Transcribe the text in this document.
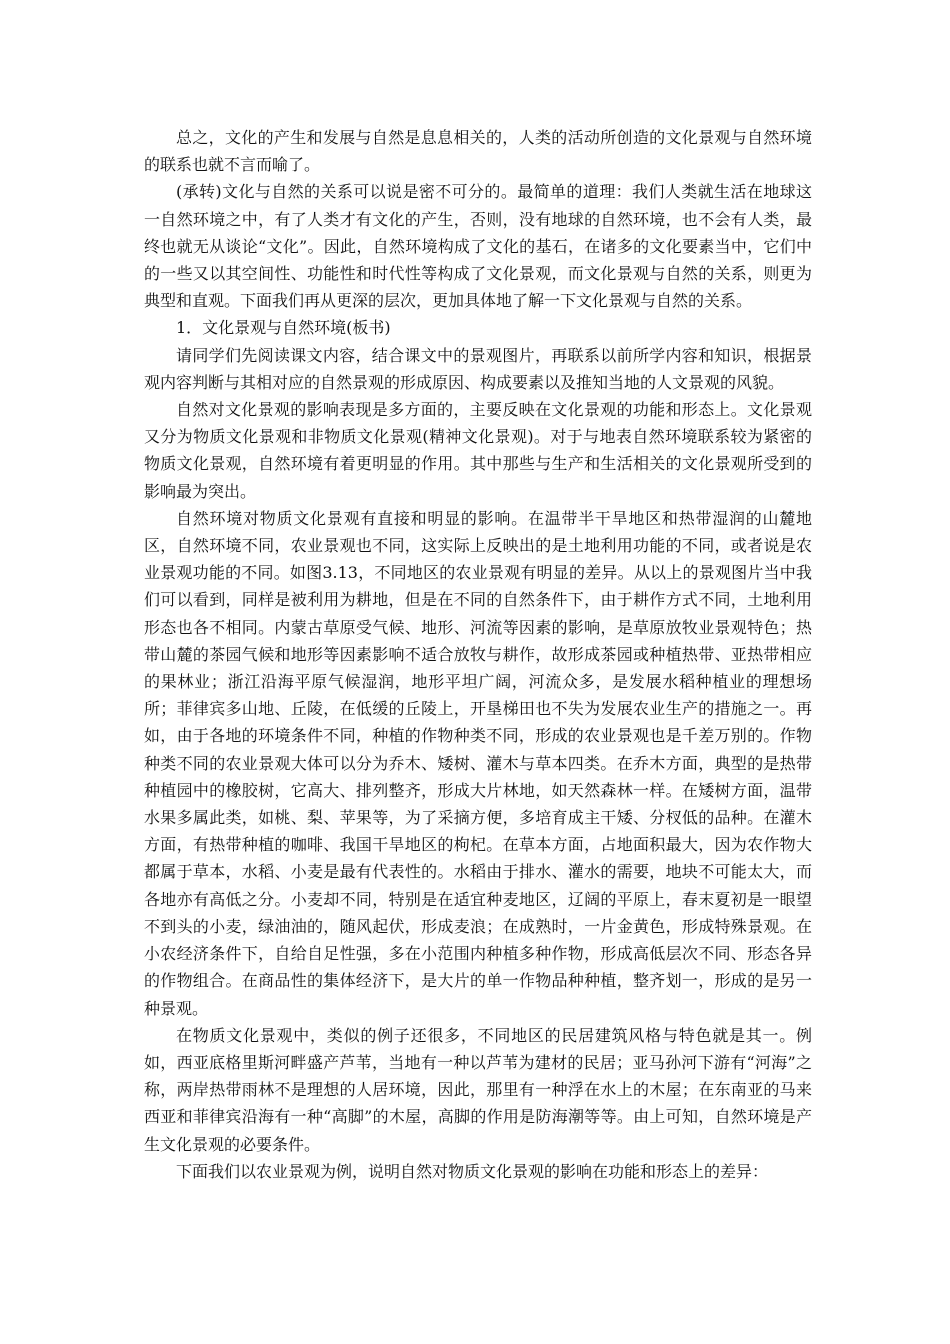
总之，文化的产生和发展与自然是息息相关的，人类的活动所创造的文化景观与自然环境的联系也就不言而喻了。

(承转)文化与自然的关系可以说是密不可分的。最简单的道理：我们人类就生活在地球这一自然环境之中，有了人类才有文化的产生，否则，没有地球的自然环境，也不会有人类，最终也就无从谈论“文化”。因此，自然环境构成了文化的基石，在诸多的文化要素当中，它们中的一些又以其空间性、功能性和时代性等构成了文化景观，而文化景观与自然的关系，则更为典型和直观。下面我们再从更深的层次，更加具体地了解一下文化景观与自然的关系。

1．文化景观与自然环境(板书)

请同学们先阅读课文内容，结合课文中的景观图片，再联系以前所学内容和知识，根据景观内容判断与其相对应的自然景观的形成原因、构成要素以及推知当地的人文景观的风貌。

自然对文化景观的影响表现是多方面的，主要反映在文化景观的功能和形态上。文化景观又分为物质文化景观和非物质文化景观(精神文化景观)。对于与地表自然环境联系较为紧密的物质文化景观，自然环境有着更明显的作用。其中那些与生产和生活相关的文化景观所受到的影响最为突出。

自然环境对物质文化景观有直接和明显的影响。在温带半干旱地区和热带湿润的山麓地区，自然环境不同，农业景观也不同，这实际上反映出的是土地利用功能的不同，或者说是农业景观功能的不同。如图3.13，不同地区的农业景观有明显的差异。从以上的景观图片当中我们可以看到，同样是被利用为耕地，但是在不同的自然条件下，由于耕作方式不同，土地利用形态也各不相同。内蒙古草原受气候、地形、河流等因素的影响，是草原放牧业景观特色；热带山麓的茶园气候和地形等因素影响不适合放牧与耕作，故形成茶园或种植热带、亚热带相应的果林业；浙江沿海平原气候湿润，地形平坦广阔，河流众多，是发展水稻种植业的理想场所；菲律宾多山地、丘陵，在低缓的丘陵上，开垦梯田也不失为发展农业生产的措施之一。再如，由于各地的环境条件不同，种植的作物种类不同，形成的农业景观也是千差万别的。作物种类不同的农业景观大体可以分为乔木、矮树、灌木与草本四类。在乔木方面，典型的是热带种植园中的橡胶树，它高大、排列整齐，形成大片林地，如天然森林一样。在矮树方面，温带水果多属此类，如桃、梨、苹果等，为了采摘方便，多培育成主干矮、分杈低的品种。在灌木方面，有热带种植的咖啡、我国干旱地区的枸杞。在草本方面，占地面积最大，因为农作物大都属于草本，水稻、小麦是最有代表性的。水稻由于排水、灌水的需要，地块不可能太大，而各地亦有高低之分。小麦却不同，特别是在适宜种麦地区，辽阔的平原上，春末夏初是一眼望不到头的小麦，绿油油的，随风起伏，形成麦浪；在成熟时，一片金黄色，形成特殊景观。在小农经济条件下，自给自足性强，多在小范围内种植多种作物，形成高低层次不同、形态各异的作物组合。在商品性的集体经济下，是大片的单一作物品种种植，整齐划一，形成的是另一种景观。

在物质文化景观中，类似的例子还很多，不同地区的民居建筑风格与特色就是其一。例如，西亚底格里斯河畔盛产芦苇，当地有一种以芦苇为建材的民居；亚马孙河下游有“河海”之称，两岸热带雨林不是理想的人居环境，因此，那里有一种浮在水上的木屋；在东南亚的马来西亚和菲律宾沿海有一种“高脚”的木屋，高脚的作用是防海潮等等。由上可知，自然环境是产生文化景观的必要条件。

下面我们以农业景观为例，说明自然对物质文化景观的影响在功能和形态上的差异：
